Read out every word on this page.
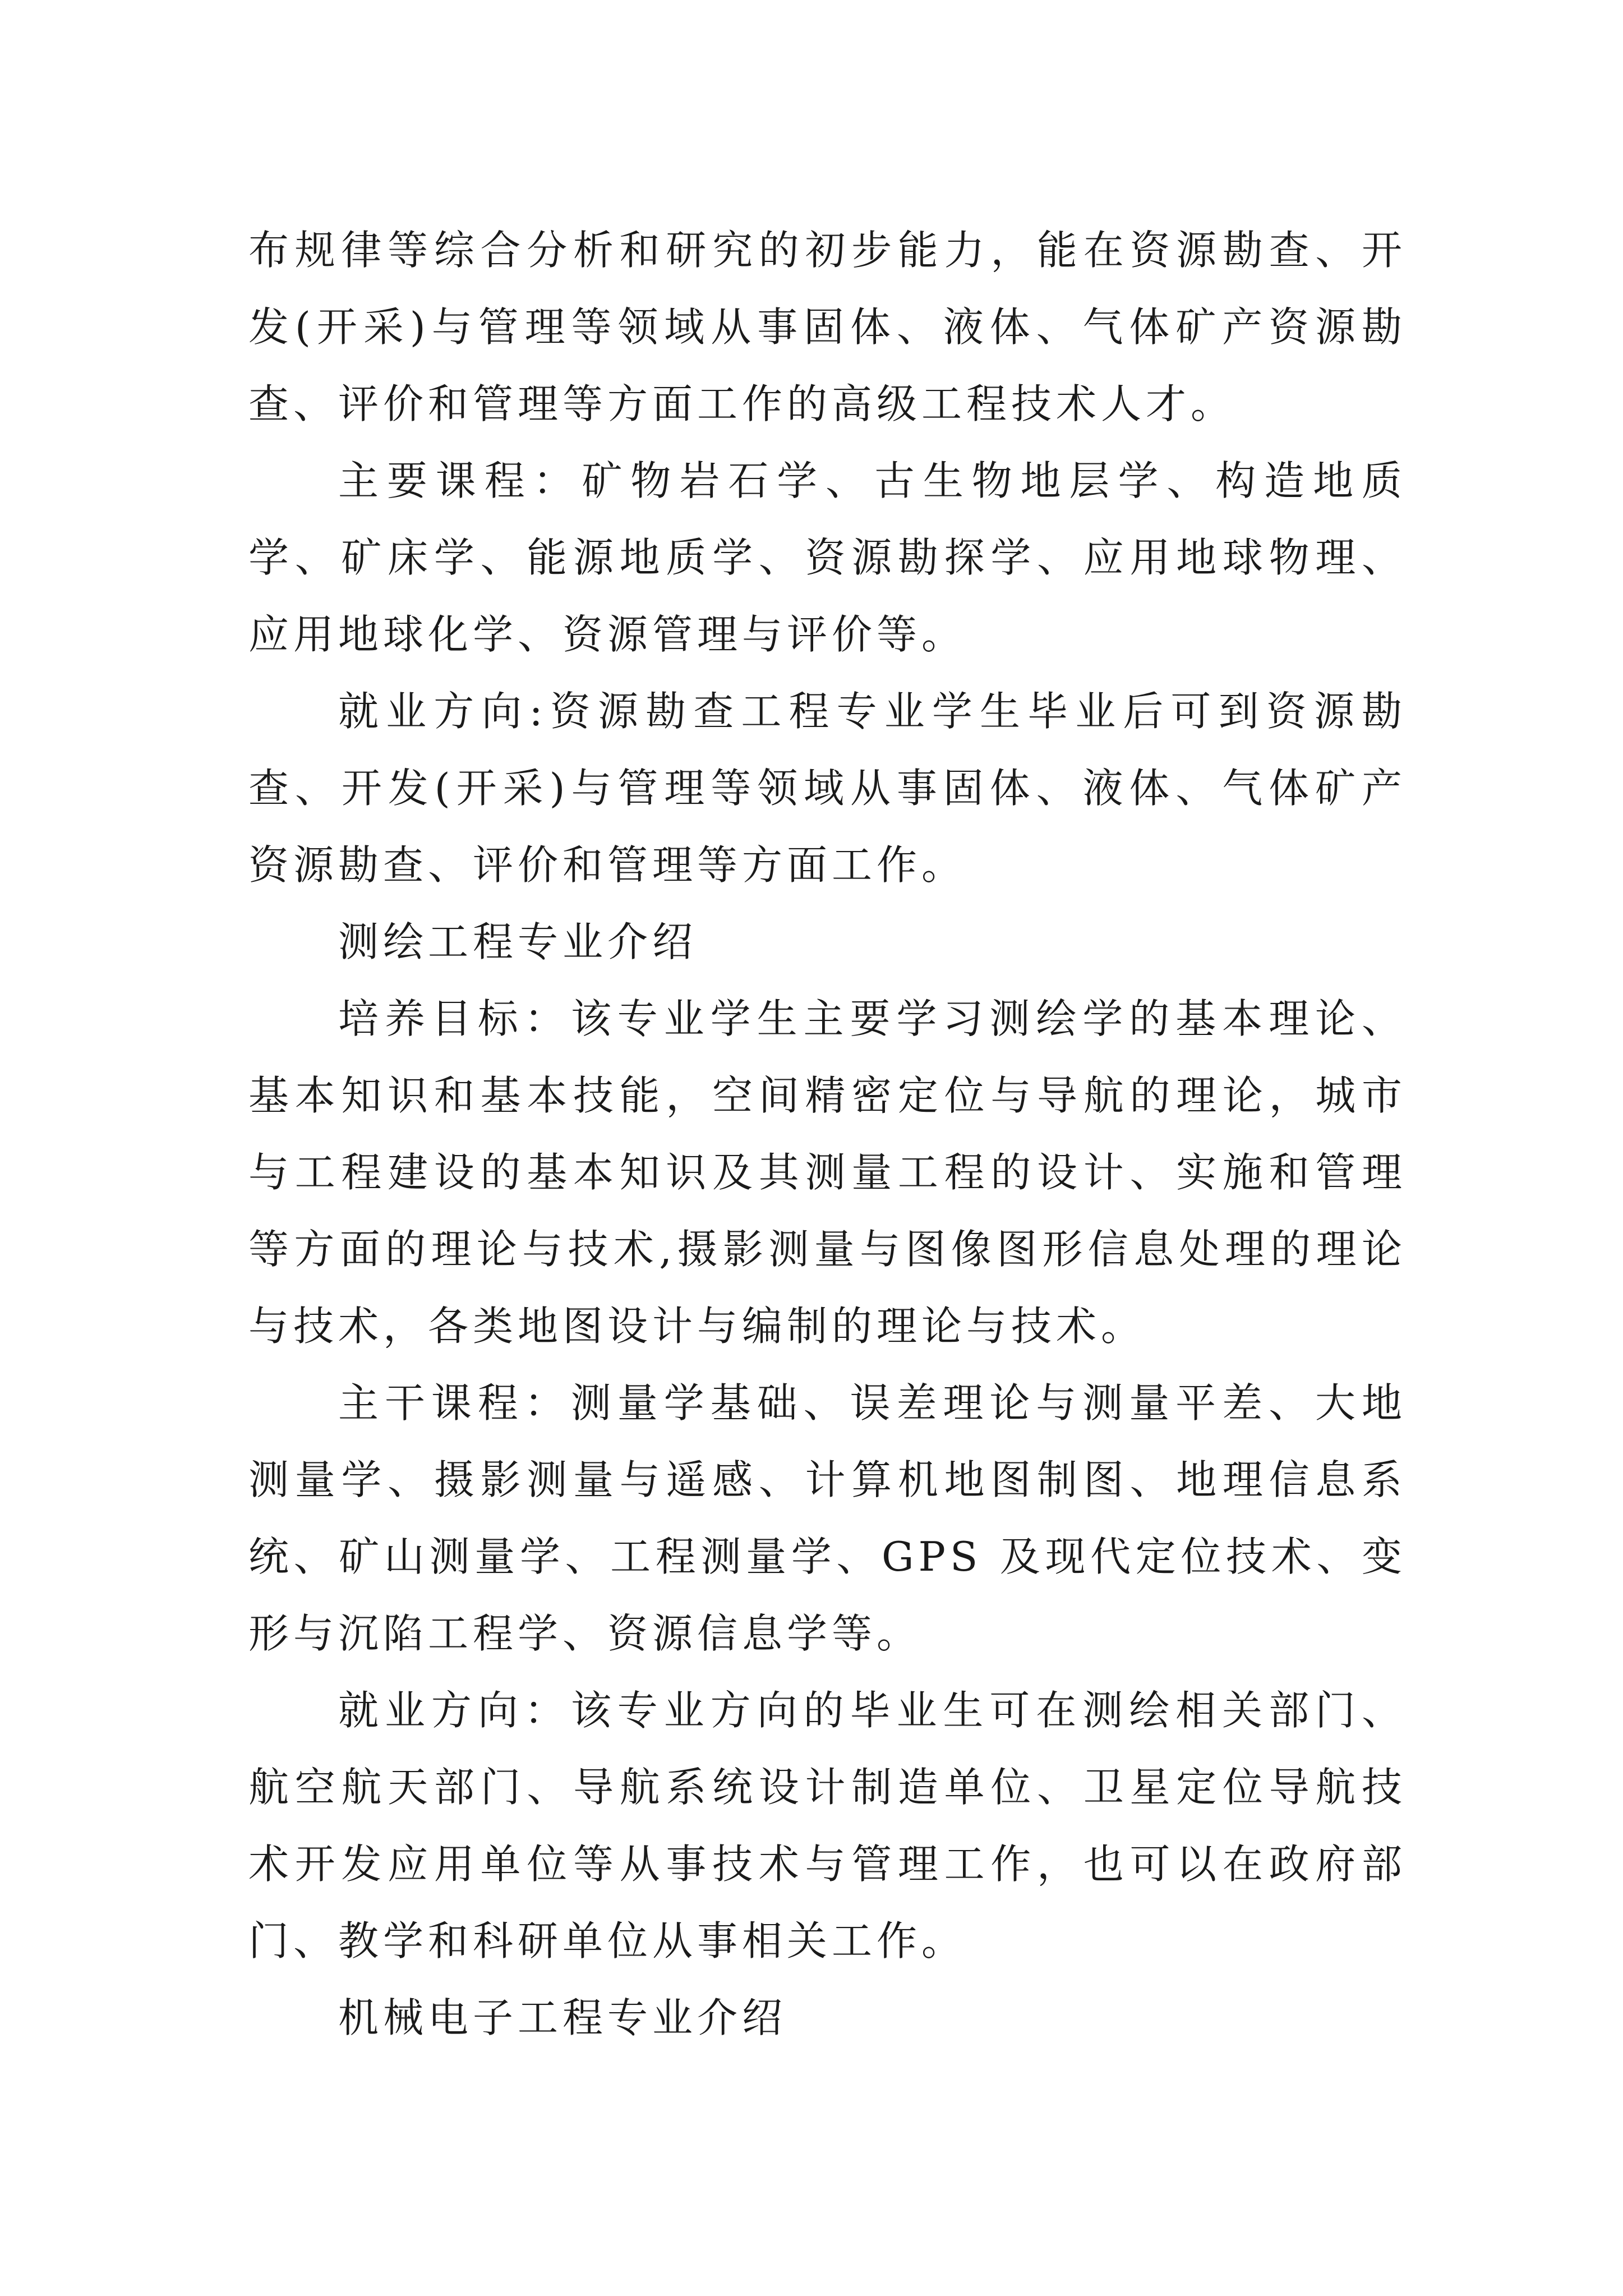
布规律等综合分析和研究的初步能力，能在资源勘查、开发(开采)与管理等领域从事固体、液体、气体矿产资源勘查、评价和管理等方面工作的高级工程技术人才。

主要课程：矿物岩石学、古生物地层学、构造地质学、矿床学、能源地质学、资源勘探学、应用地球物理、应用地球化学、资源管理与评价等。

就业方向:资源勘查工程专业学生毕业后可到资源勘查、开发(开采)与管理等领域从事固体、液体、气体矿产资源勘查、评价和管理等方面工作。

测绘工程专业介绍

培养目标：该专业学生主要学习测绘学的基本理论、基本知识和基本技能，空间精密定位与导航的理论，城市与工程建设的基本知识及其测量工程的设计、实施和管理等方面的理论与技术,摄影测量与图像图形信息处理的理论与技术，各类地图设计与编制的理论与技术。

主干课程：测量学基础、误差理论与测量平差、大地测量学、摄影测量与遥感、计算机地图制图、地理信息系统、矿山测量学、工程测量学、GPS 及现代定位技术、变形与沉陷工程学、资源信息学等。

就业方向：该专业方向的毕业生可在测绘相关部门、航空航天部门、导航系统设计制造单位、卫星定位导航技术开发应用单位等从事技术与管理工作，也可以在政府部门、教学和科研单位从事相关工作。

机械电子工程专业介绍
